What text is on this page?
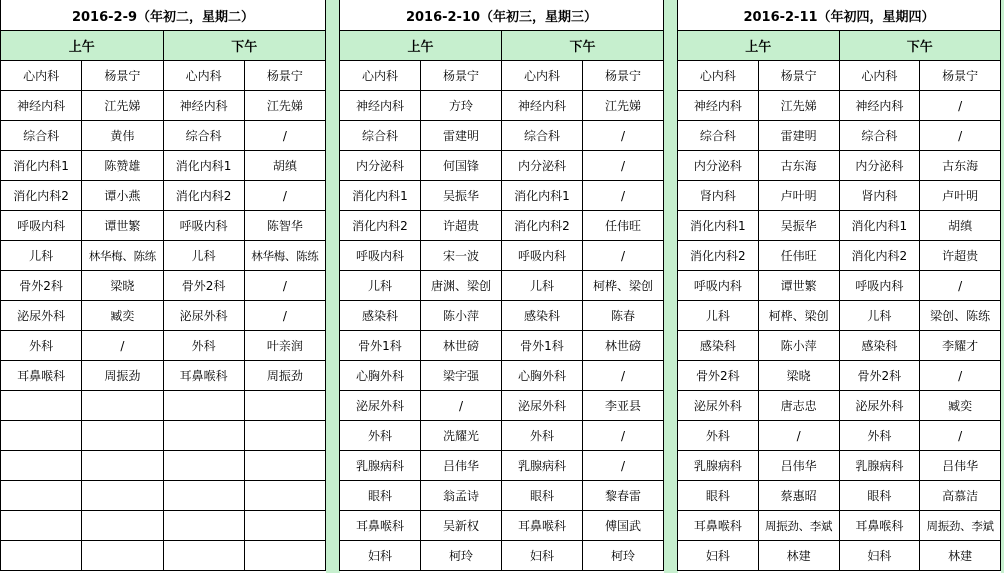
2016-2-9（年初二，星期二）			
上午		下午	
心内科	杨景宁	心内科	杨景宁
神经内科	江先娣	神经内科	江先娣
综合科	黄伟	综合科	/
消化内科1	陈赞雄	消化内科1	胡缜
消化内科2	谭小燕	消化内科2	/
呼吸内科	谭世繁	呼吸内科	陈智华
儿科	林华梅、陈练	儿科	林华梅、陈练
骨外2科	梁晓	骨外2科	/
泌尿外科	臧奕	泌尿外科	/
外科	/	外科	叶亲润
耳鼻喉科	周振劲	耳鼻喉科	周振劲

2016-2-10（年初三，星期三）			
上午		下午	
心内科	杨景宁	心内科	杨景宁
神经内科	方玲	神经内科	江先娣
综合科	雷建明	综合科	/
内分泌科	何国锋	内分泌科	/
消化内科1	吴振华	消化内科1	/
消化内科2	许超贵	消化内科2	任伟旺
呼吸内科	宋一波	呼吸内科	/
儿科	唐渊、梁创	儿科	柯桦、梁创
感染科	陈小萍	感染科	陈春
骨外1科	林世磅	骨外1科	林世磅
心胸外科	梁宇强	心胸外科	/
泌尿外科	/	泌尿外科	李亚县
外科	冼耀光	外科	/
乳腺病科	吕伟华	乳腺病科	/
眼科	翁孟诗	眼科	黎春雷
耳鼻喉科	吴新权	耳鼻喉科	傅国武
妇科	柯玲	妇科	柯玲
2016-2-11（年初四，星期四）			
上午		下午	
心内科	杨景宁	心内科	杨景宁
神经内科	江先娣	神经内科	/
综合科	雷建明	综合科	/
内分泌科	古东海	内分泌科	古东海
肾内科	卢叶明	肾内科	卢叶明
消化内科1	吴振华	消化内科1	胡缜
消化内科2	任伟旺	消化内科2	许超贵
呼吸内科	谭世繁	呼吸内科	/
儿科	柯桦、梁创	儿科	梁创、陈练
感染科	陈小萍	感染科	李耀才
骨外2科	梁晓	骨外2科	/
泌尿外科	唐志忠	泌尿外科	臧奕
外科	/	外科	/
乳腺病科	吕伟华	乳腺病科	吕伟华
眼科	蔡惠昭	眼科	高慕洁
耳鼻喉科	周振劲、李斌	耳鼻喉科	周振劲、李斌
妇科	林建	妇科	林建
